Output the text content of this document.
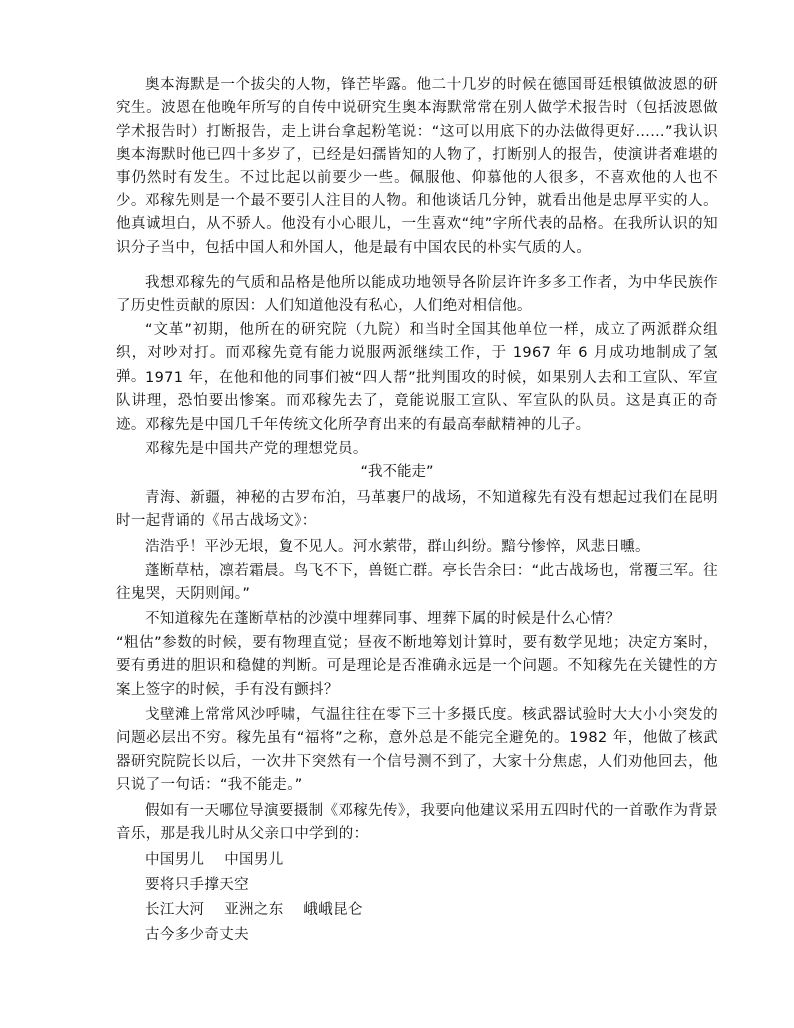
奥本海默是一个拔尖的人物，锋芒毕露。他二十几岁的时候在德国哥廷根镇做波恩的研究生。波恩在他晚年所写的自传中说研究生奥本海默常常在别人做学术报告时（包括波恩做学术报告时）打断报告，走上讲台拿起粉笔说：“这可以用底下的办法做得更好……”我认识奥本海默时他已四十多岁了，已经是妇孺皆知的人物了，打断别人的报告，使演讲者难堪的事仍然时有发生。不过比起以前要少一些。佩服他、仰慕他的人很多，不喜欢他的人也不少。 邓稼先则是一个最不要引人注目的人物。和他谈话几分钟，就看出他是忠厚平实的人。他真诚坦白，从不骄人。他没有小心眼儿，一生喜欢“纯”字所代表的品格。在我所认识的知识分子当中，包括中国人和外国人，他是最有中国农民的朴实气质的人。

我想邓稼先的气质和品格是他所以能成功地领导各阶层许许多多工作者，为中华民族作了历史性贡献的原因：人们知道他没有私心，人们绝对相信他。

“文革”初期，他所在的研究院（九院）和当时全国其他单位一样，成立了两派群众组织，对吵对打。而邓稼先竟有能力说服两派继续工作，于 1967 年 6 月成功地制成了氢弹。 1971 年，在他和他的同事们被“四人帮”批判围攻的时候，如果别人去和工宣队、军宣队讲理，恐怕要出惨案。而邓稼先去了，竟能说服工宣队、军宣队的队员。这是真正的奇迹。 邓稼先是中国几千年传统文化所孕育出来的有最高奉献精神的儿子。

邓稼先是中国共产党的理想党员。

“我不能走”

青海、新疆，神秘的古罗布泊，马革裹尸的战场，不知道稼先有没有想起过我们在昆明时一起背诵的《吊古战场文》：

浩浩乎！平沙无垠，夐不见人。河水萦带，群山纠纷。黯兮惨悴，风悲日曛。

蓬断草枯，凛若霜晨。鸟飞不下，兽铤亡群。亭长告余曰：“此古战场也，常覆三军。往往鬼哭，天阴则闻。”

不知道稼先在蓬断草枯的沙漠中埋葬同事、埋葬下属的时候是什么心情？

“粗估”参数的时候，要有物理直觉；昼夜不断地筹划计算时，要有数学见地；决定方案时，要有勇进的胆识和稳健的判断。可是理论是否准确永远是一个问题。不知稼先在关键性的方案上签字的时候，手有没有颤抖？

戈壁滩上常常风沙呼啸，气温往往在零下三十多摄氏度。核武器试验时大大小小突发的问题必层出不穷。稼先虽有“福将”之称，意外总是不能完全避免的。1982 年，他做了核武器研究院院长以后，一次井下突然有一个信号测不到了，大家十分焦虑，人们劝他回去，他只说了一句话：“我不能走。”

假如有一天哪位导演要摄制《邓稼先传》，我要向他建议采用五四时代的一首歌作为背景音乐，那是我儿时从父亲口中学到的：

中国男儿　 中国男儿

要将只手撑天空

长江大河　 亚洲之东　 峨峨昆仑

古今多少奇丈夫
